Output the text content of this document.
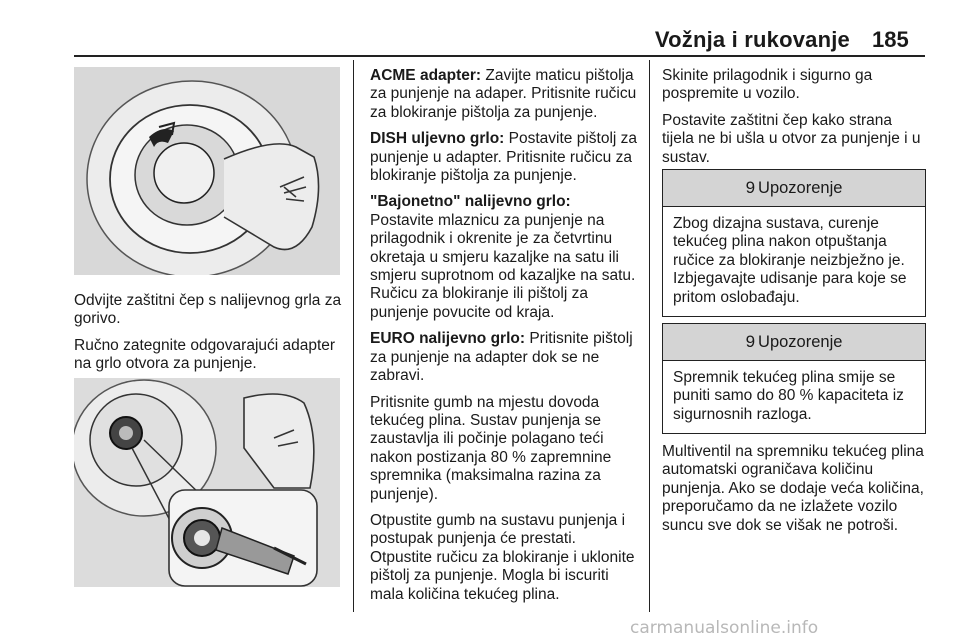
Vožnja i rukovanje 185

Odvijte zaštitni čep s nalijevnog grla za gorivo.

Ručno zategnite odgovarajući adapter na grlo otvora za punjenje.

ACME adapter: Zavijte maticu pištolja za punjenje na adaper. Pritisnite ručicu za blokiranje pištolja za punjenje.

DISH uljevno grlo: Postavite pištolj za punjenje u adapter. Pritisnite ručicu za blokiranje pištolja za punjenje.

"Bajonetno" nalijevno grlo: Postavite mlaznicu za punjenje na prilagodnik i okrenite je za četvrtinu okretaja u smjeru kazaljke na satu ili smjeru suprotnom od kazaljke na satu. Ručicu za blokiranje ili pištolj za punjenje povucite od kraja.

EURO nalijevno grlo: Pritisnite pištolj za punjenje na adapter dok se ne zabravi.

Pritisnite gumb na mjestu dovoda tekućeg plina. Sustav punjenja se zaustavlja ili počinje polagano teći nakon postizanja 80 % zapremnine spremnika (maksimalna razina za punjenje).

Otpustite gumb na sustavu punjenja i postupak punjenja će prestati. Otpustite ručicu za blokiranje i uklonite pištolj za punjenje. Mogla bi iscuriti mala količina tekućeg plina.

Skinite prilagodnik i sigurno ga pospremite u vozilo.

Postavite zaštitni čep kako strana tijela ne bi ušla u otvor za punjenje i u sustav.

9 Upozorenje
Zbog dizajna sustava, curenje tekućeg plina nakon otpuštanja ručice za blokiranje neizbježno je. Izbjegavajte udisanje para koje se pritom oslobađaju.
9 Upozorenje
Spremnik tekućeg plina smije se puniti samo do 80 % kapaciteta iz sigurnosnih razloga.

Multiventil na spremniku tekućeg plina automatski ograničava količinu punjenja. Ako se dodaje veća količina, preporučamo da ne izlažete vozilo suncu sve dok se višak ne potroši.

carmanualsonline.info
